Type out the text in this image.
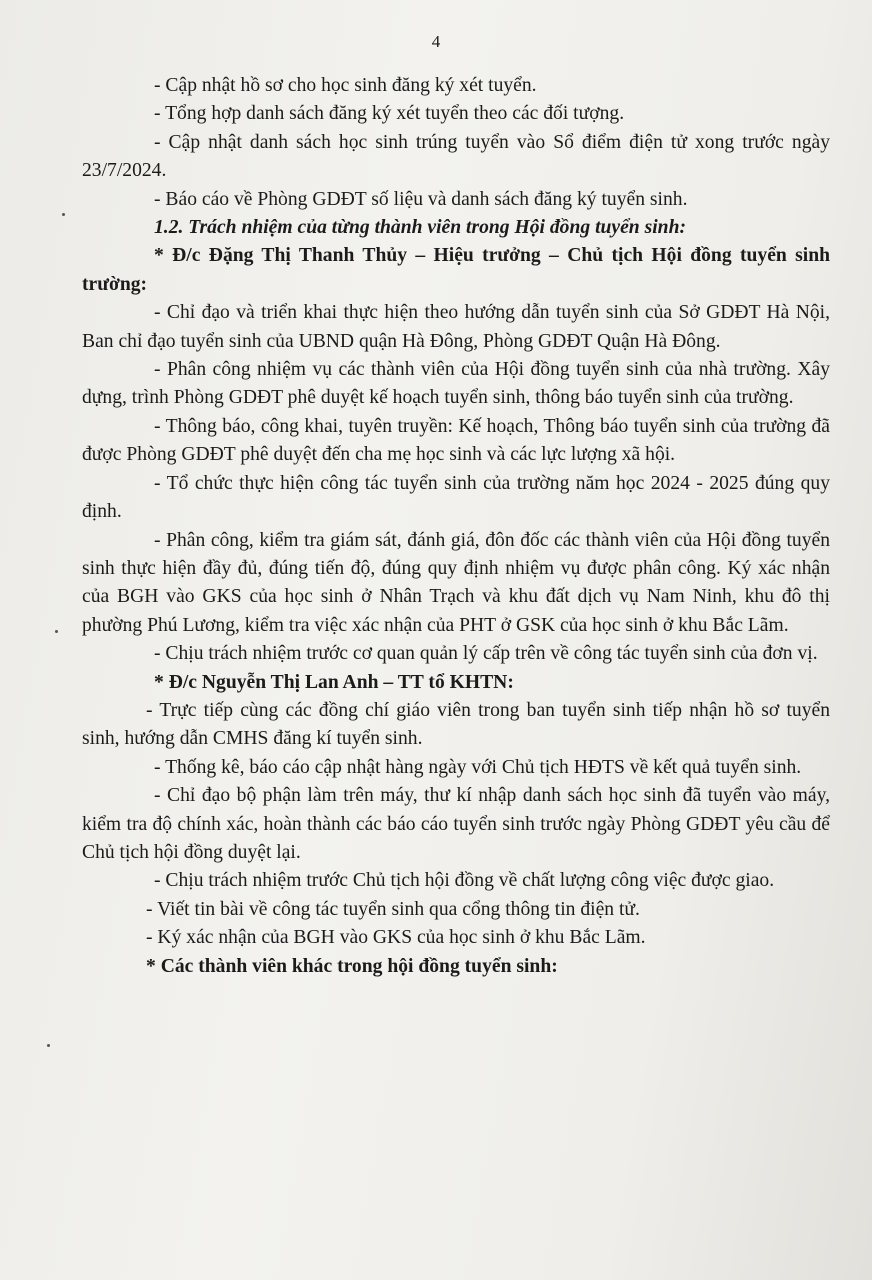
4

- Cập nhật hồ sơ cho học sinh đăng ký xét tuyển.

- Tổng hợp danh sách đăng ký xét tuyển theo các đối tượng.

- Cập nhật danh sách học sinh trúng tuyển vào Sổ điểm điện tử xong trước ngày 23/7/2024.

- Báo cáo về Phòng GDĐT số liệu và danh sách đăng ký tuyển sinh.

1.2. Trách nhiệm của từng thành viên trong Hội đồng tuyển sinh:

* Đ/c Đặng Thị Thanh Thủy – Hiệu trưởng – Chủ tịch Hội đồng tuyển sinh trường:

- Chỉ đạo và triển khai thực hiện theo hướng dẫn tuyển sinh của Sở GDĐT Hà Nội, Ban chỉ đạo tuyển sinh của UBND quận Hà Đông, Phòng GDĐT Quận Hà Đông.

- Phân công nhiệm vụ các thành viên của Hội đồng tuyển sinh của nhà trường. Xây dựng, trình Phòng GDĐT phê duyệt kế hoạch tuyển sinh, thông báo tuyển sinh của trường.

- Thông báo, công khai, tuyên truyền: Kế hoạch, Thông báo tuyển sinh của trường đã được Phòng GDĐT phê duyệt đến cha mẹ học sinh và các lực lượng xã hội.

- Tổ chức thực hiện công tác tuyển sinh của trường năm học 2024 - 2025 đúng quy định.

- Phân công, kiểm tra giám sát, đánh giá, đôn đốc các thành viên của Hội đồng tuyển sinh thực hiện đầy đủ, đúng tiến độ, đúng quy định nhiệm vụ được phân công. Ký xác nhận của BGH vào GKS của học sinh ở Nhân Trạch và khu đất dịch vụ Nam Ninh, khu đô thị phường Phú Lương, kiểm tra việc xác nhận của PHT ở GSK của học sinh ở khu Bắc Lãm.

- Chịu trách nhiệm trước cơ quan quản lý cấp trên về công tác tuyển sinh của đơn vị.

* Đ/c Nguyễn Thị Lan Anh – TT tổ KHTN:

- Trực tiếp cùng các đồng chí giáo viên trong ban tuyển sinh tiếp nhận hồ sơ tuyển sinh, hướng dẫn CMHS đăng kí tuyển sinh.

- Thống kê, báo cáo cập nhật hàng ngày với Chủ tịch HĐTS về kết quả tuyển sinh.

- Chỉ đạo bộ phận làm trên máy, thư kí nhập danh sách học sinh đã tuyển vào máy, kiểm tra độ chính xác, hoàn thành các báo cáo tuyển sinh trước ngày Phòng GDĐT yêu cầu để Chủ tịch hội đồng duyệt lại.

- Chịu trách nhiệm trước Chủ tịch hội đồng về chất lượng công việc được giao.

- Viết tin bài về công tác tuyển sinh qua cổng thông tin điện tử.

- Ký xác nhận của BGH vào GKS của học sinh ở khu Bắc Lãm.

* Các thành viên khác trong hội đồng tuyển sinh:
